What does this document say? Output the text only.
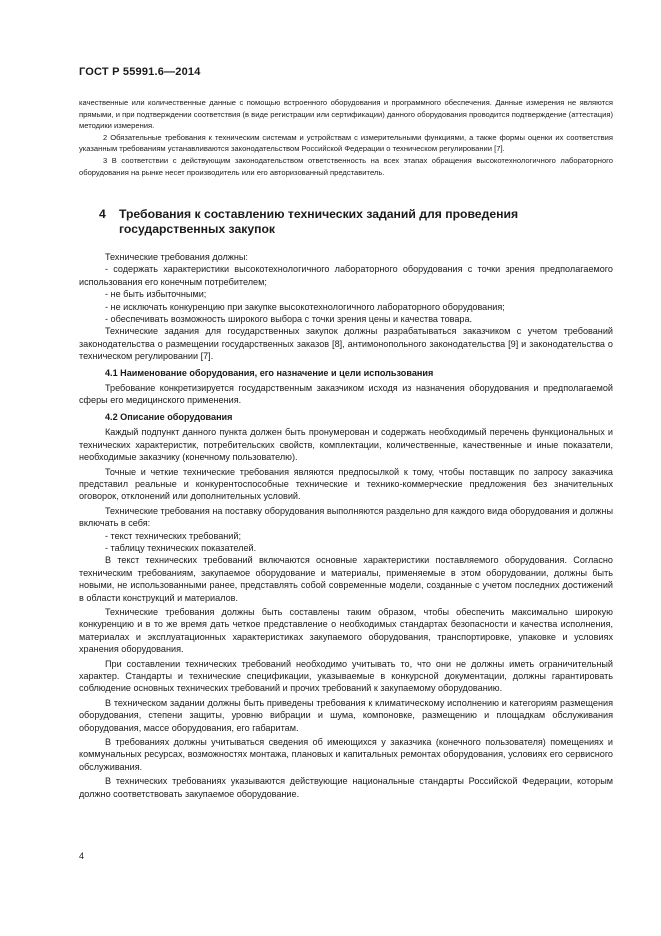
ГОСТ Р 55991.6—2014

качественные или количественные данные с помощью встроенного оборудования и программного обеспечения. Данные измерения не являются прямыми, и при подтверждении соответствия (в виде регистрации или сертификации) данного оборудования проводится подтверждение (аттестация) методики измерения.

2 Обязательные требования к техническим системам и устройствам с измерительными функциями, а также формы оценки их соответствия указанным требованиям устанавливаются законодательством Российской Федерации о техническом регулировании [7].

3 В соответствии с действующим законодательством ответственность на всех этапах обращения высокотехнологичного лабораторного оборудования на рынке несет производитель или его авторизованный представитель.

4 Требования к составлению технических заданий для проведения
государственных закупок

Технические требования должны:

- содержать характеристики высокотехнологичного лабораторного оборудования с точки зрения предполагаемого использования его конечным потребителем;

- не быть избыточными;

- не исключать конкуренцию при закупке высокотехнологичного лабораторного оборудования;

- обеспечивать возможность широкого выбора с точки зрения цены и качества товара.

Технические задания для государственных закупок должны разрабатываться заказчиком с учетом требований законодательства о размещении государственных заказов [8], антимонопольного законодательства [9] и законодательства о техническом регулировании [7].

4.1 Наименование оборудования, его назначение и цели использования

Требование конкретизируется государственным заказчиком исходя из назначения оборудования и предполагаемой сферы его медицинского применения.

4.2 Описание оборудования

Каждый подпункт данного пункта должен быть пронумерован и содержать необходимый перечень функциональных и технических характеристик, потребительских свойств, комплектации, количественные, качественные и иные показатели, необходимые заказчику (конечному пользователю).

Точные и четкие технические требования являются предпосылкой к тому, чтобы поставщик по запросу заказчика представил реальные и конкурентоспособные технические и технико-коммерческие предложения без значительных оговорок, отклонений или дополнительных условий.

Технические требования на поставку оборудования выполняются раздельно для каждого вида оборудования и должны включать в себя:

- текст технических требований;

- таблицу технических показателей.

В текст технических требований включаются основные характеристики поставляемого оборудования. Согласно техническим требованиям, закупаемое оборудование и материалы, применяемые в этом оборудовании, должны быть новыми, не использованными ранее, представлять собой современные модели, созданные с учетом последних достижений в области конструкций и материалов.

Технические требования должны быть составлены таким образом, чтобы обеспечить максимально широкую конкуренцию и в то же время дать четкое представление о необходимых стандартах безопасности и качества исполнения, материалах и эксплуатационных характеристиках закупаемого оборудования, транспортировке, упаковке и условиях хранения оборудования.

При составлении технических требований необходимо учитывать то, что они не должны иметь ограничительный характер. Стандарты и технические спецификации, указываемые в конкурсной документации, должны гарантировать соблюдение основных технических требований и прочих требований к закупаемому оборудованию.

В техническом задании должны быть приведены требования к климатическому исполнению и категориям размещения оборудования, степени защиты, уровню вибрации и шума, компоновке, размещению и площадкам обслуживания оборудования, массе оборудования, его габаритам.

В требованиях должны учитываться сведения об имеющихся у заказчика (конечного пользователя) помещениях и коммунальных ресурсах, возможностях монтажа, плановых и капитальных ремонтах оборудования, условиях его сервисного обслуживания.

В технических требованиях указываются действующие национальные стандарты Российской Федерации, которым должно соответствовать закупаемое оборудование.

4
